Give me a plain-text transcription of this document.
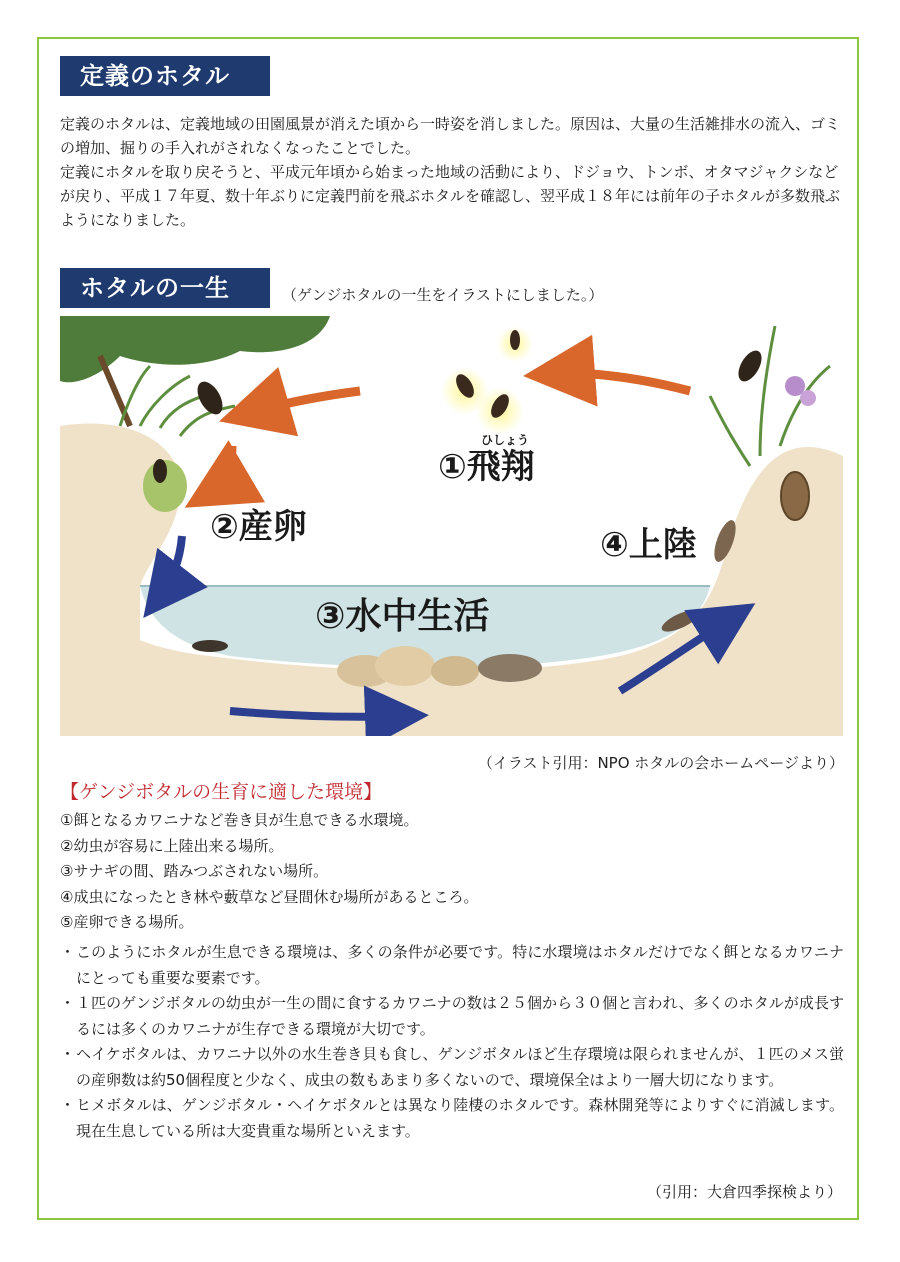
定義のホタル

定義のホタルは、定義地域の田園風景が消えた頃から一時姿を消しました。原因は、大量の生活雑排水の流入、ゴミの増加、掘りの手入れがされなくなったことでした。

定義にホタルを取り戻そうと、平成元年頃から始まった地域の活動により、ドジョウ、トンボ、オタマジャクシなどが戻り、平成１７年夏、数十年ぶりに定義門前を飛ぶホタルを確認し、翌平成１８年には前年の子ホタルが多数飛ぶようになりました。

ホタルの一生	（ゲンジホタルの一生をイラストにしました。）
ひしょう
①飛翔
②産卵
③水中生活
④上陸
（イラスト引用：NPO ホタルの会ホームページより）
【ゲンジボタルの生育に適した環境】
①餌となるカワニナなど巻き貝が生息できる水環境。
②幼虫が容易に上陸出来る場所。
③サナギの間、踏みつぶされない場所。
④成虫になったとき林や藪草など昼間休む場所があるところ。
⑤産卵できる場所。
・ このようにホタルが生息できる環境は、多くの条件が必要です。特に水環境はホタルだけでなく餌となるカワニナにとっても重要な要素です。
・ １匹のゲンジボタルの幼虫が一生の間に食するカワニナの数は２５個から３０個と言われ、多くのホタルが成長するには多くのカワニナが生存できる環境が大切です。
・ ヘイケボタルは、カワニナ以外の水生巻き貝も食し、ゲンジボタルほど生存環境は限られませんが、１匹のメス蛍の産卵数は約50個程度と少なく、成虫の数もあまり多くないので、環境保全はより一層大切になります。
・ ヒメボタルは、ゲンジボタル・ヘイケボタルとは異なり陸棲のホタルです。森林開発等によりすぐに消滅します。現在生息している所は大変貴重な場所といえます。
（引用：大倉四季探検より）
